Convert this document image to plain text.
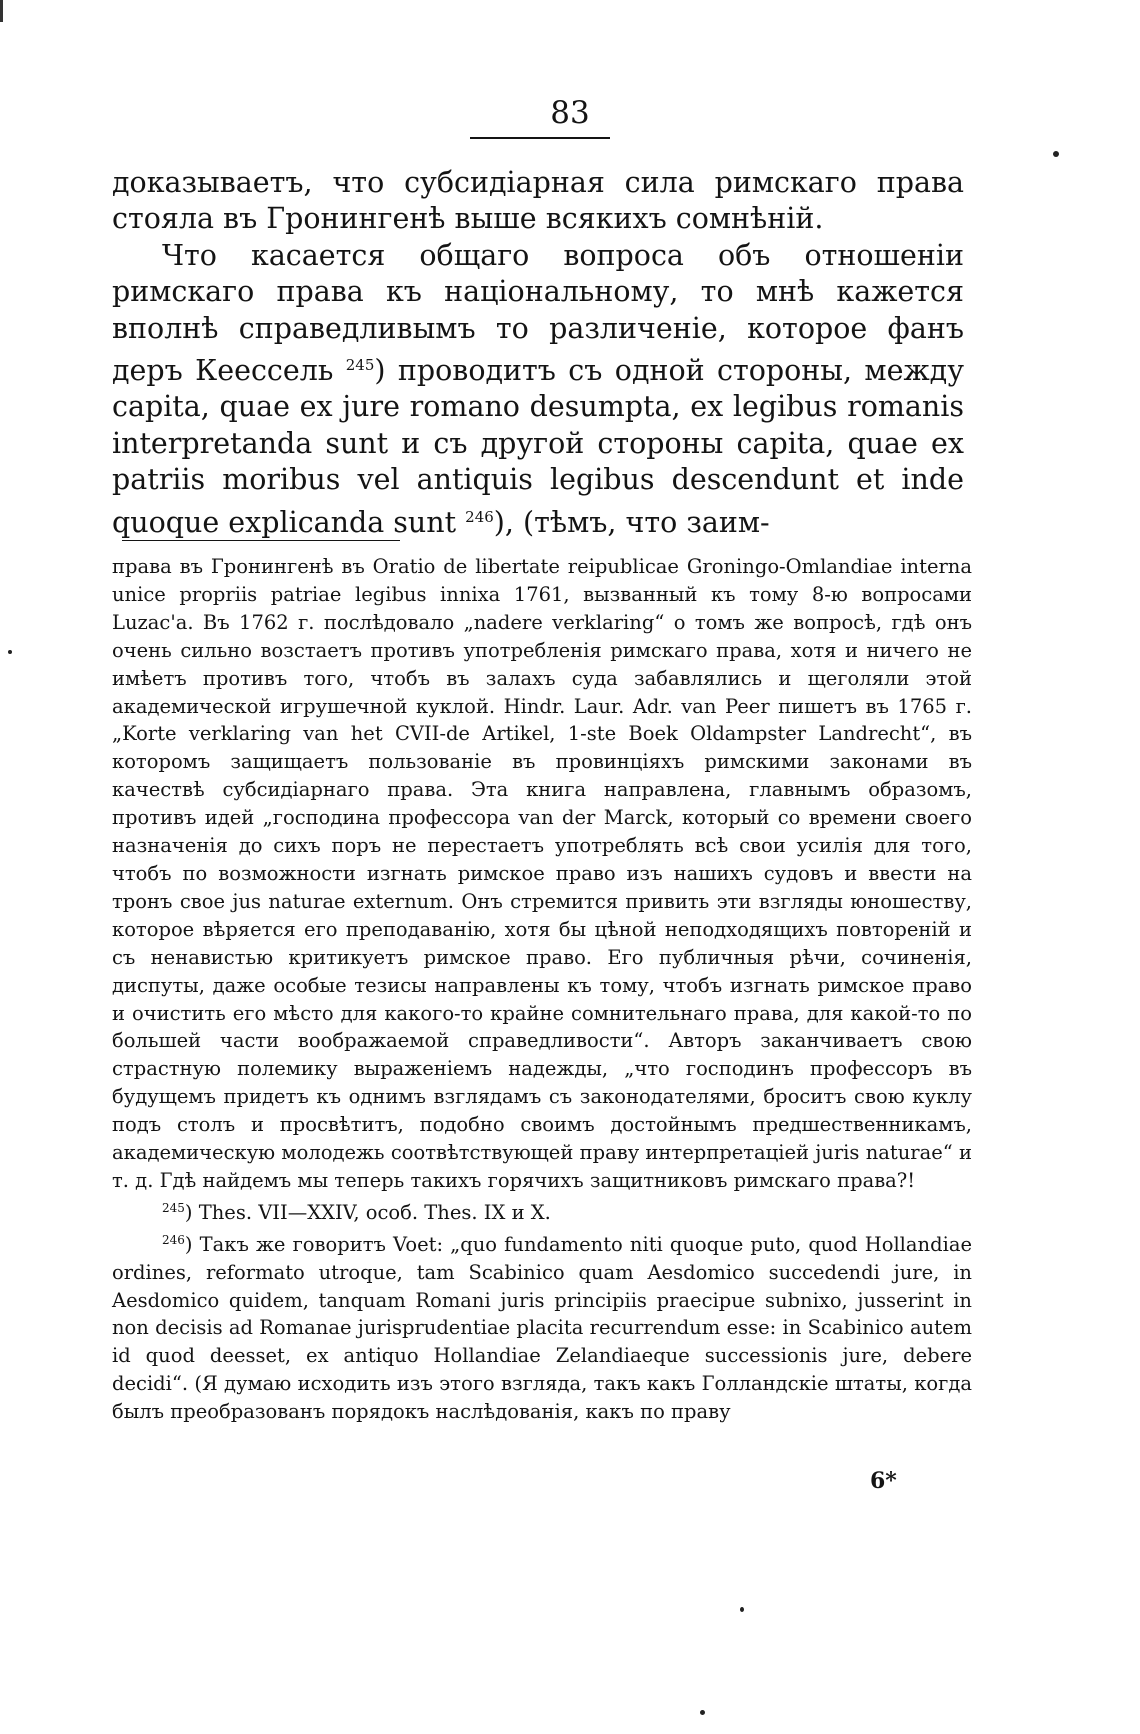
83

доказываетъ, что субсидіарная сила римскаго права стояла въ Гронингенѣ выше всякихъ сомнѣній.

Что касается общаго вопроса объ отношеніи римскаго права къ національному, то мнѣ кажется вполнѣ справедливымъ то различеніе, которое фанъ деръ Кеессель $^{245}$) проводитъ съ одной стороны, между capita, quae ex jure romano desumpta, ex legibus romanis interpretanda sunt и съ другой стороны capita, quae ex patriis moribus vel antiquis legibus descendunt et inde quoque explicanda sunt $^{246}$), (тѣмъ, что заим-

права въ Гронингенѣ въ Oratio de libertate reipublicae Groningo-Omlandiae interna unice propriis patriae legibus innixa 1761, вызванный къ тому 8-ю вопросами Luzac'a. Въ 1762 г. послѣдовало „nadere verklaring“ о томъ же вопросѣ, гдѣ онъ очень сильно возстаетъ противъ употребленія римскаго права, хотя и ничего не имѣетъ противъ того, чтобъ въ залахъ суда забавлялись и щеголяли этой академической игрушечной куклой. Hindr. Laur. Adr. van Peer пишетъ въ 1765 г. „Korte verklaring van het CVII-de Artikel, 1-ste Boek Oldampster Landrecht“, въ которомъ защищаетъ пользованіе въ провинціяхъ римскими законами въ качествѣ субсидіарнаго права. Эта книга направлена, главнымъ образомъ, противъ идей „господина профессора van der Marck, который со времени своего назначенія до сихъ поръ не перестаетъ употреблять всѣ свои усилія для того, чтобъ по возможности изгнать римское право изъ нашихъ судовъ и ввести на тронъ свое jus naturae externum. Онъ стремится привить эти взгляды юношеству, которое вѣряется его преподаванію, хотя бы цѣной неподходящихъ повтореній и съ ненавистью критикуетъ римское право. Его публичныя рѣчи, сочиненія, диспуты, даже особые тезисы направлены къ тому, чтобъ изгнать римское право и очистить его мѣсто для какого-то крайне сомнительнаго права, для какой-то по большей части воображаемой справедливости“. Авторъ заканчиваетъ свою страстную полемику выраженіемъ надежды, „что господинъ профессоръ въ будущемъ придетъ къ однимъ взглядамъ съ законодателями, броситъ свою куклу подъ столъ и просвѣтитъ, подобно своимъ достойнымъ предшественникамъ, академическую молодежь соотвѣтствующей праву интерпретаціей juris naturae“ и т. д. Гдѣ найдемъ мы теперь такихъ горячихъ защитниковъ римскаго права?!

$^{245}$) Thes. VII—XXIV, особ. Thes. IX и X.

$^{246}$) Такъ же говоритъ Voet: „quo fundamento niti quoque puto, quod Hollandiae ordines, reformato utroque, tam Scabinico quam Aesdomico succedendi jure, in Aesdomico quidem, tanquam Romani juris principiis praecipue subnixo, jusserint in non decisis ad Romanae jurisprudentiae placita recurrendum esse: in Scabinico autem id quod deesset, ex antiquo Hollandiae Zelandiaeque successionis jure, debere decidi“. (Я думаю исходить изъ этого взгляда, такъ какъ Голландскіе штаты, когда былъ преобразованъ порядокъ наслѣдованія, какъ по праву

6*
